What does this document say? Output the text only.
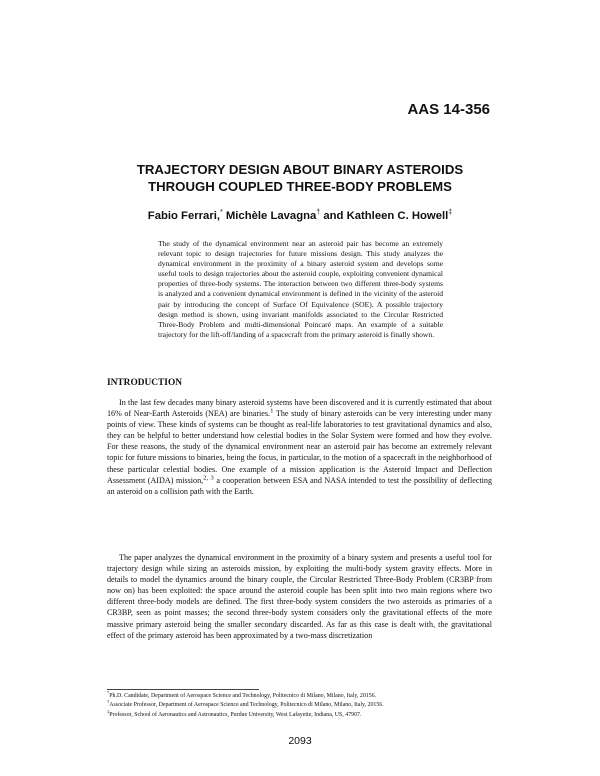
AAS 14-356
TRAJECTORY DESIGN ABOUT BINARY ASTEROIDS
THROUGH COUPLED THREE-BODY PROBLEMS
Fabio Ferrari,* Michèle Lavagna† and Kathleen C. Howell‡
The study of the dynamical environment near an asteroid pair has become an extremely relevant topic to design trajectories for future missions design. This study analyzes the dynamical environment in the proximity of a binary asteroid system and develops some useful tools to design trajectories about the asteroid couple, exploiting convenient dynamical properties of three-body systems. The interaction between two different three-body systems is analyzed and a convenient dynamical environment is defined in the vicinity of the asteroid pair by introducing the concept of Surface Of Equivalence (SOE). A possible trajectory design method is shown, using invariant manifolds associated to the Circular Restricted Three-Body Problem and multi-dimensional Poincaré maps. An example of a suitable trajectory for the lift-off/landing of a spacecraft from the primary asteroid is finally shown.
INTRODUCTION

In the last few decades many binary asteroid systems have been discovered and it is currently estimated that about 16% of Near-Earth Asteroids (NEA) are binaries.$^1$ The study of binary asteroids can be very interesting under many points of view. These kinds of systems can be thought as real-life laboratories to test gravitational dynamics and also, they can be helpful to better understand how celestial bodies in the Solar System were formed and how they evolve. For these reasons, the study of the dynamical environment near an asteroid pair has become an extremely relevant topic for future missions to binaries, being the focus, in particular, to the motion of a spacecraft in the neighborhood of these particular celestial bodies. One example of a mission application is the Asteroid Impact and Deflection Assessment (AIDA) mission,$^{2, 3}$ a cooperation between ESA and NASA intended to test the possibility of deflecting an asteroid on a collision path with the Earth.

The paper analyzes the dynamical environment in the proximity of a binary system and presents a useful tool for trajectory design while sizing an asteroids mission, by exploiting the multi-body system gravity effects. More in details to model the dynamics around the binary couple, the Circular Restricted Three-Body Problem (CR3BP from now on) has been exploited: the space around the asteroid couple has been split into two main regions where two different three-body models are defined. The first three-body system considers the two asteroids as primaries of a CR3BP, seen as point masses; the second three-body system considers only the gravitational effects of the more massive primary asteroid being the smaller secondary discarded. As far as this case is dealt with, the gravitational effect of the primary asteroid has been approximated by a two-mass discretization

*Ph.D. Candidate, Department of Aerospace Science and Technology, Politecnico di Milano, Milano, Italy, 20156.
†Associate Professor, Department of Aerospace Science and Technology, Politecnico di Milano, Milano, Italy, 20156.
‡Professor, School of Aeronautics and Astronautics, Purdue University, West Lafayette, Indiana, US, 47907.
2093
